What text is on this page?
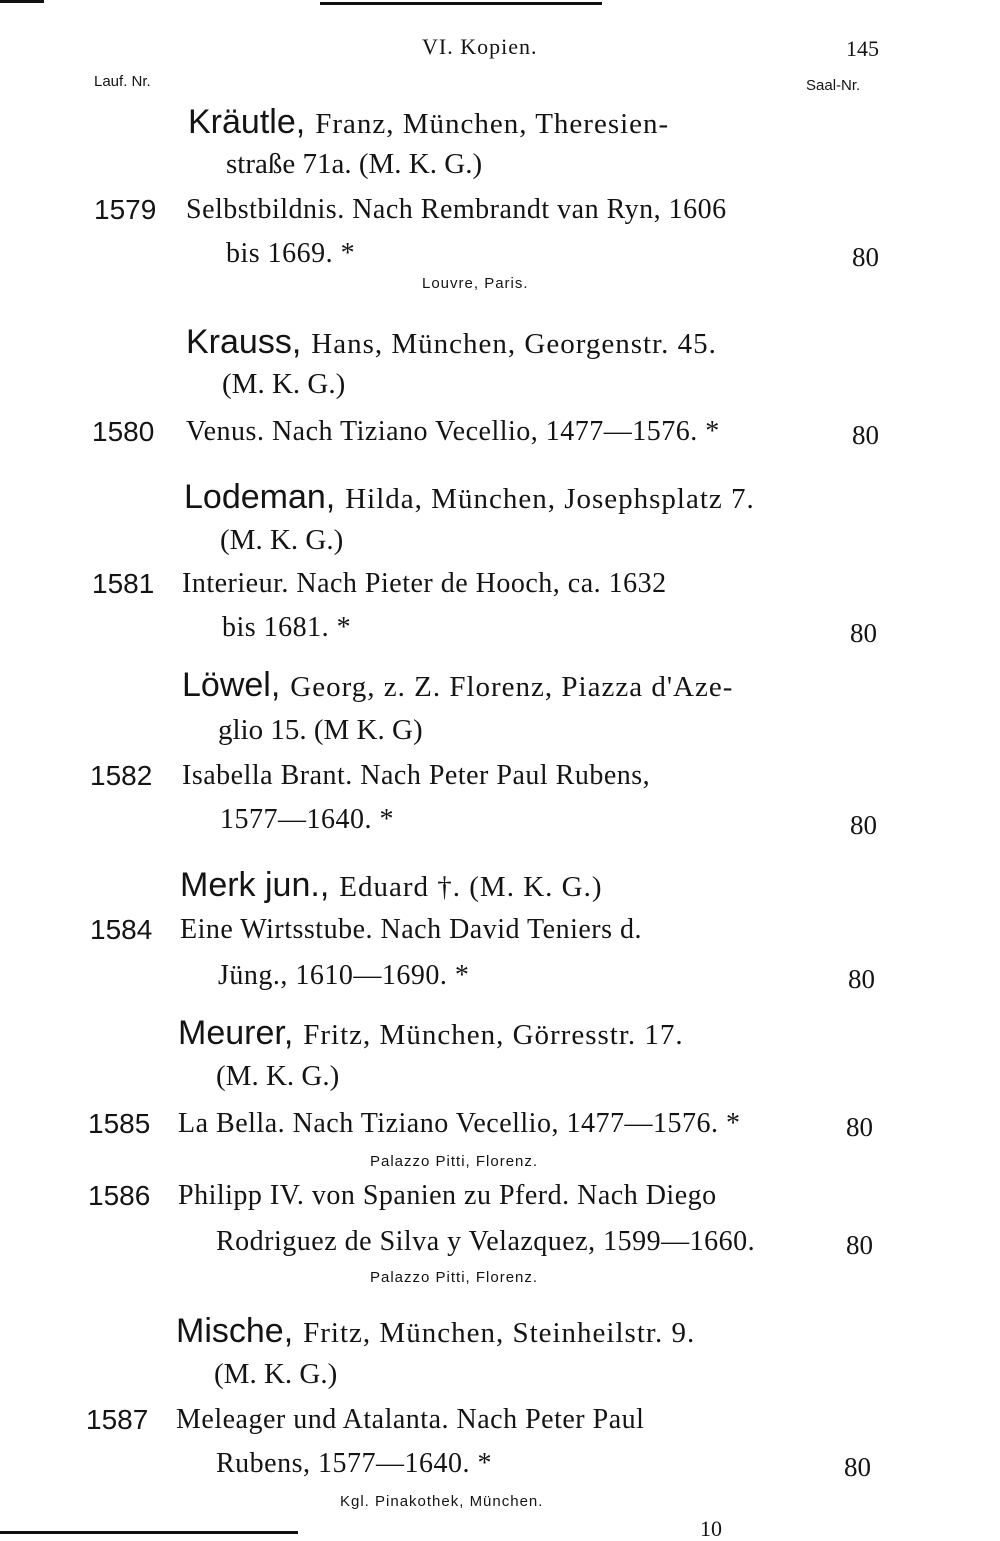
VI. Kopien.	145
Lauf. Nr.	Saal-Nr.
Kräutle, Franz, München, Theresien-
straße 71a. (M. K. G.)
1579 Selbstbildnis. Nach Rembrandt van Ryn, 1606
bis 1669. *	80
Louvre, Paris.
Krauss, Hans, München, Georgenstr. 45.
(M. K. G.)
1580 Venus. Nach Tiziano Vecellio, 1477—1576. *	80
Lodeman, Hilda, München, Josephsplatz 7.
(M. K. G.)
1581 Interieur. Nach Pieter de Hooch, ca. 1632
bis 1681. *	80
Löwel, Georg, z. Z. Florenz, Piazza d'Aze-
glio 15. (M K. G)
1582 Isabella Brant. Nach Peter Paul Rubens,
1577—1640. *	80
Merk jun., Eduard †. (M. K. G.)
1584 Eine Wirtsstube. Nach David Teniers d.
Jüng., 1610—1690. *	80
Meurer, Fritz, München, Görresstr. 17.
(M. K. G.)
1585 La Bella. Nach Tiziano Vecellio, 1477—1576. *	80
Palazzo Pitti, Florenz.
1586 Philipp IV. von Spanien zu Pferd. Nach Diego
Rodriguez de Silva y Velazquez, 1599—1660.	80
Palazzo Pitti, Florenz.
Mische, Fritz, München, Steinheilstr. 9.
(M. K. G.)
1587 Meleager und Atalanta. Nach Peter Paul
Rubens, 1577—1640. *	80
Kgl. Pinakothek, München.
10
